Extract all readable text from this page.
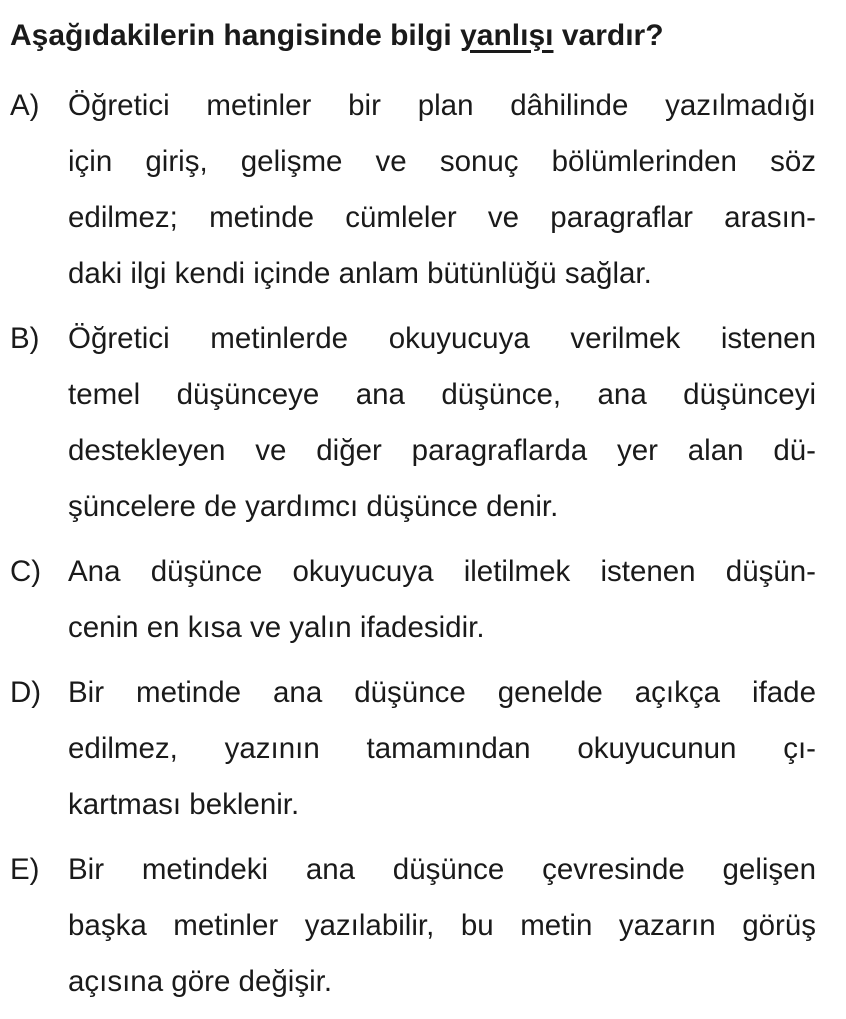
Aşağıdakilerin hangisinde bilgi yanlışı vardır?
A) Öğretici metinler bir plan dâhilinde yazılmadığı
için giriş, gelişme ve sonuç bölümlerinden söz
edilmez; metinde cümleler ve paragraflar arasın-
daki ilgi kendi içinde anlam bütünlüğü sağlar.
B) Öğretici metinlerde okuyucuya verilmek istenen
temel düşünceye ana düşünce, ana düşünceyi
destekleyen ve diğer paragraflarda yer alan dü-
şüncelere de yardımcı düşünce denir.
C) Ana düşünce okuyucuya iletilmek istenen düşün-
cenin en kısa ve yalın ifadesidir.
D) Bir metinde ana düşünce genelde açıkça ifade
edilmez, yazının tamamından okuyucunun çı-
kartması beklenir.
E) Bir metindeki ana düşünce çevresinde gelişen
başka metinler yazılabilir, bu metin yazarın görüş
açısına göre değişir.
